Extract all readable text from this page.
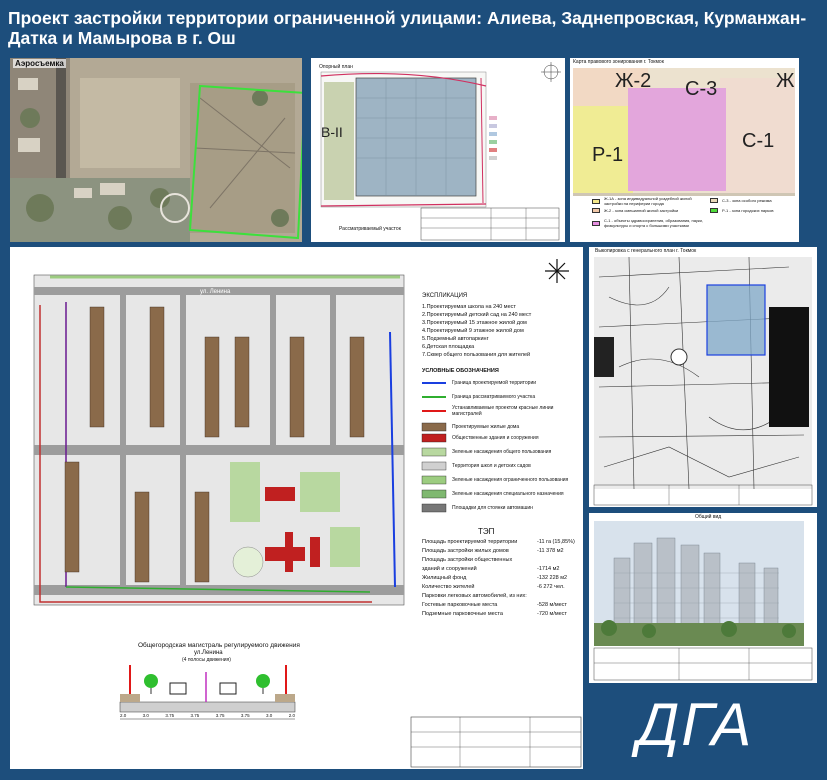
Проект застройки территории ограниченной улицами: Алиева, Заднепровская, Курманжан-Датка и Мамырова в г. Ош
Аэросъемка	Опорный план
В-II
Рассматриваемый участок
Карта правового зонирования г. Токмок
Ж-2 С-3	Ж
Р-1
С-1
Ж-1А - зона индивидуальной усадебной жилой застройки на периферии города
Ж-2 - зона смешанной жилой застройки
С-1 - объекты здравоохранения, образования, науки, физкультуры и спорта с большими участками
С-3 - зона особого режима
Р-1 - зона городских парков
ул. Ленина
ЭКСПЛИКАЦИЯ
1.Проектируемая школа на 240 мест
2.Проектируемый детский сад на 240 мест
3.Проектируемый 15 этажное жилой дом
4.Проектируемый 9 этажное жилой дом
5.Подземный автопаркинг
6.Детская площадка
7.Сквер общего пользования для жителей
УСЛОВНЫЕ ОБОЗНАЧЕНИЯ
Граница проектируемой территории
Граница рассматриваемого участка
Устанавливаемые проектом красные линии магистралей
Проектируемые жилые дома
Общественные здания и сооружения
Зеленые насаждения общего пользования
Территория школ и детских садов
Зеленые насаждения ограниченного пользования
Зеленые насаждения специального назначения
Площадки для стоянки автомашин
ТЭП
Площадь проектируемой территории	-11 га (15,85%)
Площадь застройки жилых домов	-11 378 м2
Площадь застройки общественных
зданий и сооружений	-1714 м2
Жилищный фонд	-132 228 м2
Количество жителей	-6 272 чел.
Парковки легковых автомобилей, из них:
Гостевые парковочные места	-528 м/мест
Подземные парковочные места	-720 м/мест
Общегородская магистраль регулируемого движения
ул.Ленина
(4 полосы движения)
2.0	3.0	3.75	3.75	3.75	3.75	3.0	2.0
Выкопировка с генерального план г. Токмок
Общий вид
ДГА
